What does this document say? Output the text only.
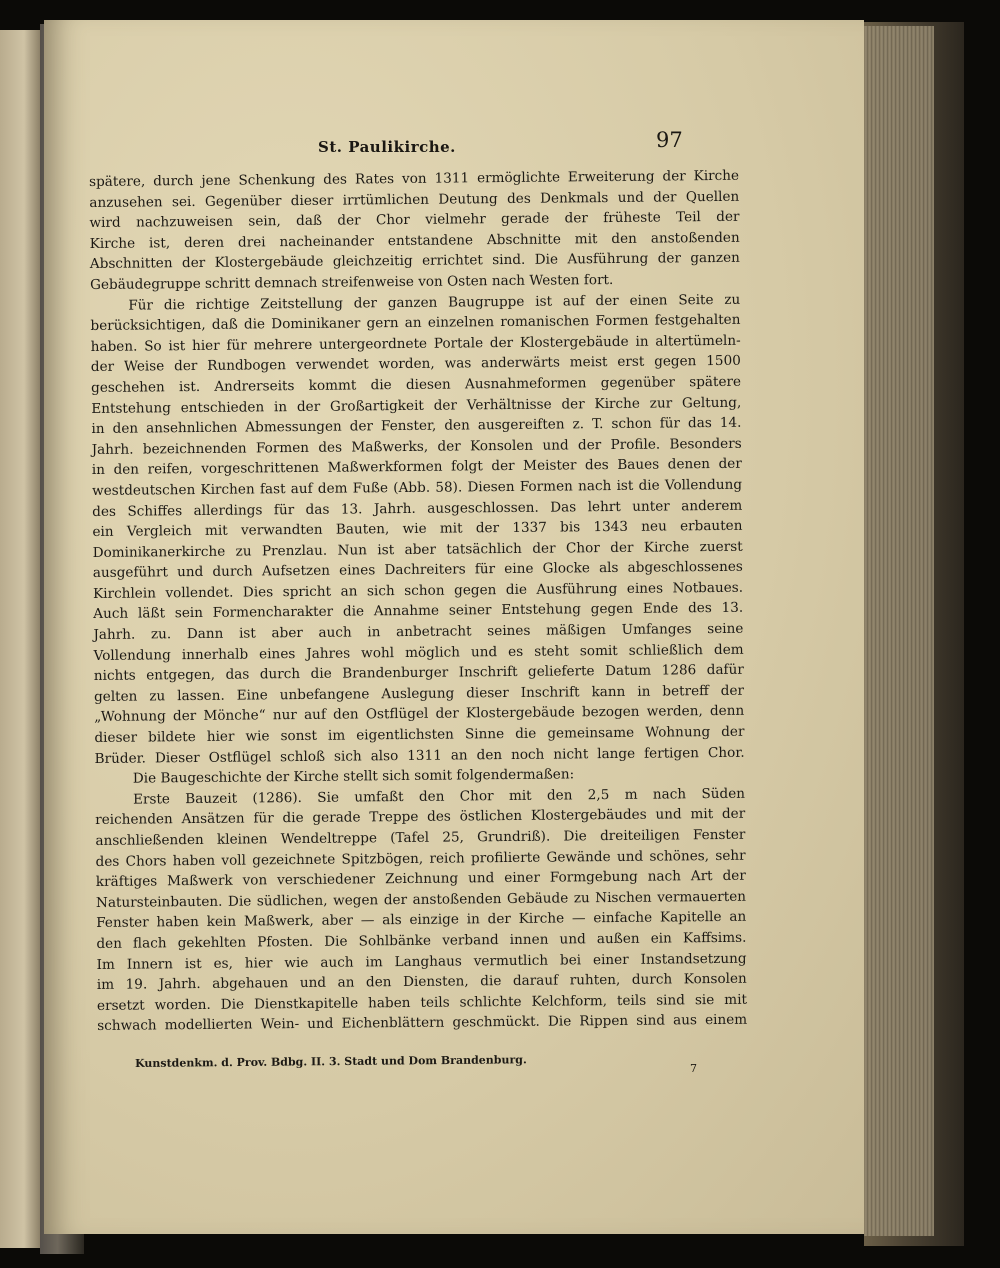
St. Paulikirche.	97
spätere, durch jene Schenkung des Rates von 1311 ermöglichte Erweiterung der Kirche
anzusehen sei. Gegenüber dieser irrtümlichen Deutung des Denkmals und der Quellen
wird nachzuweisen sein, daß der Chor vielmehr gerade der früheste Teil der
Kirche ist, deren drei nacheinander entstandene Abschnitte mit den anstoßenden
Abschnitten der Klostergebäude gleichzeitig errichtet sind. Die Ausführung der ganzen
Gebäudegruppe schritt demnach streifenweise von Osten nach Westen fort.
Für die richtige Zeitstellung der ganzen Baugruppe ist auf der einen Seite zu
berücksichtigen, daß die Dominikaner gern an einzelnen romanischen Formen festgehalten
haben. So ist hier für mehrere untergeordnete Portale der Klostergebäude in altertümeln-
der Weise der Rundbogen verwendet worden, was anderwärts meist erst gegen 1500
geschehen ist. Andrerseits kommt die diesen Ausnahmeformen gegenüber spätere
Entstehung entschieden in der Großartigkeit der Verhältnisse der Kirche zur Geltung,
in den ansehnlichen Abmessungen der Fenster, den ausgereiften z. T. schon für das 14.
Jahrh. bezeichnenden Formen des Maßwerks, der Konsolen und der Profile. Besonders
in den reifen, vorgeschrittenen Maßwerkformen folgt der Meister des Baues denen der
westdeutschen Kirchen fast auf dem Fuße (Abb. 58). Diesen Formen nach ist die Vollendung
des Schiffes allerdings für das 13. Jahrh. ausgeschlossen. Das lehrt unter anderem
ein Vergleich mit verwandten Bauten, wie mit der 1337 bis 1343 neu erbauten
Dominikanerkirche zu Prenzlau. Nun ist aber tatsächlich der Chor der Kirche zuerst
ausgeführt und durch Aufsetzen eines Dachreiters für eine Glocke als abgeschlossenes
Kirchlein vollendet. Dies spricht an sich schon gegen die Ausführung eines Notbaues.
Auch läßt sein Formencharakter die Annahme seiner Entstehung gegen Ende des 13.
Jahrh. zu. Dann ist aber auch in anbetracht seines mäßigen Umfanges seine
Vollendung innerhalb eines Jahres wohl möglich und es steht somit schließlich dem
nichts entgegen, das durch die Brandenburger Inschrift gelieferte Datum 1286 dafür
gelten zu lassen. Eine unbefangene Auslegung dieser Inschrift kann in betreff der
„Wohnung der Mönche“ nur auf den Ostflügel der Klostergebäude bezogen werden, denn
dieser bildete hier wie sonst im eigentlichsten Sinne die gemeinsame Wohnung der
Brüder. Dieser Ostflügel schloß sich also 1311 an den noch nicht lange fertigen Chor.
Die Baugeschichte der Kirche stellt sich somit folgendermaßen:
Erste Bauzeit (1286). Sie umfaßt den Chor mit den 2,5 m nach Süden
reichenden Ansätzen für die gerade Treppe des östlichen Klostergebäudes und mit der
anschließenden kleinen Wendeltreppe (Tafel 25, Grundriß). Die dreiteiligen Fenster
des Chors haben voll gezeichnete Spitzbögen, reich profilierte Gewände und schönes, sehr
kräftiges Maßwerk von verschiedener Zeichnung und einer Formgebung nach Art der
Natursteinbauten. Die südlichen, wegen der anstoßenden Gebäude zu Nischen vermauerten
Fenster haben kein Maßwerk, aber — als einzige in der Kirche — einfache Kapitelle an
den flach gekehlten Pfosten. Die Sohlbänke verband innen und außen ein Kaffsims.
Im Innern ist es, hier wie auch im Langhaus vermutlich bei einer Instandsetzung
im 19. Jahrh. abgehauen und an den Diensten, die darauf ruhten, durch Konsolen
ersetzt worden. Die Dienstkapitelle haben teils schlichte Kelchform, teils sind sie mit
schwach modellierten Wein- und Eichenblättern geschmückt. Die Rippen sind aus einem
Kunstdenkm. d. Prov. Bdbg. II. 3. Stadt und Dom Brandenburg.	7
